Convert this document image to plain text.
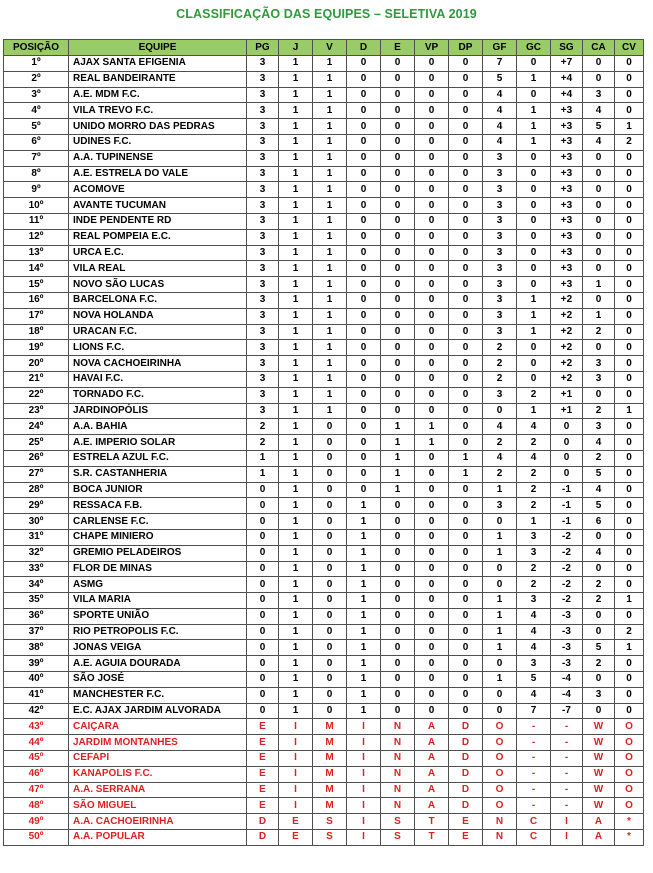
CLASSIFICAÇÃO DAS EQUIPES – SELETIVA 2019
POSIÇÃO	EQUIPE	PG	J	V	D	E	VP	DP	GF	GC	SG	CA	CV
1º	AJAX SANTA EFIGENIA	3	1	1	0	0	0	0	7	0	+7	0	0
2º	REAL BANDEIRANTE	3	1	1	0	0	0	0	5	1	+4	0	0
3º	A.E. MDM F.C.	3	1	1	0	0	0	0	4	0	+4	3	0
4º	VILA TREVO F.C.	3	1	1	0	0	0	0	4	1	+3	4	0
5º	UNIDO MORRO DAS PEDRAS	3	1	1	0	0	0	0	4	1	+3	5	1
6º	UDINES F.C.	3	1	1	0	0	0	0	4	1	+3	4	2
7º	A.A. TUPINENSE	3	1	1	0	0	0	0	3	0	+3	0	0
8º	A.E. ESTRELA DO VALE	3	1	1	0	0	0	0	3	0	+3	0	0
9º	ACOMOVE	3	1	1	0	0	0	0	3	0	+3	0	0
10º	AVANTE TUCUMAN	3	1	1	0	0	0	0	3	0	+3	0	0
11º	INDE PENDENTE RD	3	1	1	0	0	0	0	3	0	+3	0	0
12º	REAL POMPEIA E.C.	3	1	1	0	0	0	0	3	0	+3	0	0
13º	URCA E.C.	3	1	1	0	0	0	0	3	0	+3	0	0
14º	VILA REAL	3	1	1	0	0	0	0	3	0	+3	0	0
15º	NOVO SÃO LUCAS	3	1	1	0	0	0	0	3	0	+3	1	0
16º	BARCELONA F.C.	3	1	1	0	0	0	0	3	1	+2	0	0
17º	NOVA HOLANDA	3	1	1	0	0	0	0	3	1	+2	1	0
18º	URACAN F.C.	3	1	1	0	0	0	0	3	1	+2	2	0
19º	LIONS F.C.	3	1	1	0	0	0	0	2	0	+2	0	0
20º	NOVA CACHOEIRINHA	3	1	1	0	0	0	0	2	0	+2	3	0
21º	HAVAI F.C.	3	1	1	0	0	0	0	2	0	+2	3	0
22º	TORNADO F.C.	3	1	1	0	0	0	0	3	2	+1	0	0
23º	JARDINOPÓLIS	3	1	1	0	0	0	0	0	1	+1	2	1
24º	A.A. BAHIA	2	1	0	0	1	1	0	4	4	0	3	0
25º	A.E. IMPERIO SOLAR	2	1	0	0	1	1	0	2	2	0	4	0
26º	ESTRELA AZUL F.C.	1	1	0	0	1	0	1	4	4	0	2	0
27º	S.R. CASTANHERIA	1	1	0	0	1	0	1	2	2	0	5	0
28º	BOCA JUNIOR	0	1	0	0	1	0	0	1	2	-1	4	0
29º	RESSACA F.B.	0	1	0	1	0	0	0	3	2	-1	5	0
30º	CARLENSE F.C.	0	1	0	1	0	0	0	0	1	-1	6	0
31º	CHAPE MINIERO	0	1	0	1	0	0	0	1	3	-2	0	0
32º	GREMIO PELADEIROS	0	1	0	1	0	0	0	1	3	-2	4	0
33º	FLOR DE MINAS	0	1	0	1	0	0	0	0	2	-2	0	0
34º	ASMG	0	1	0	1	0	0	0	0	2	-2	2	0
35º	VILA MARIA	0	1	0	1	0	0	0	1	3	-2	2	1
36º	SPORTE UNIÃO	0	1	0	1	0	0	0	1	4	-3	0	0
37º	RIO PETROPOLIS F.C.	0	1	0	1	0	0	0	1	4	-3	0	2
38º	JONAS VEIGA	0	1	0	1	0	0	0	1	4	-3	5	1
39º	A.E. AGUIA DOURADA	0	1	0	1	0	0	0	0	3	-3	2	0
40º	SÃO JOSÉ	0	1	0	1	0	0	0	1	5	-4	0	0
41º	MANCHESTER F.C.	0	1	0	1	0	0	0	0	4	-4	3	0
42º	E.C. AJAX JARDIM ALVORADA	0	1	0	1	0	0	0	0	7	-7	0	0
43º	CAIÇARA	E	I	M	I	N	A	D	O	-	-	W	O
44º	JARDIM MONTANHES	E	I	M	I	N	A	D	O	-	-	W	O
45º	CEFAPI	E	I	M	I	N	A	D	O	-	-	W	O
46º	KANAPOLIS F.C.	E	I	M	I	N	A	D	O	-	-	W	O
47º	A.A. SERRANA	E	I	M	I	N	A	D	O	-	-	W	O
48º	SÃO MIGUEL	E	I	M	I	N	A	D	O	-	-	W	O
49º	A.A. CACHOEIRINHA	D	E	S	I	S	T	E	N	C	I	A	*
50º	A.A. POPULAR	D	E	S	I	S	T	E	N	C	I	A	*
